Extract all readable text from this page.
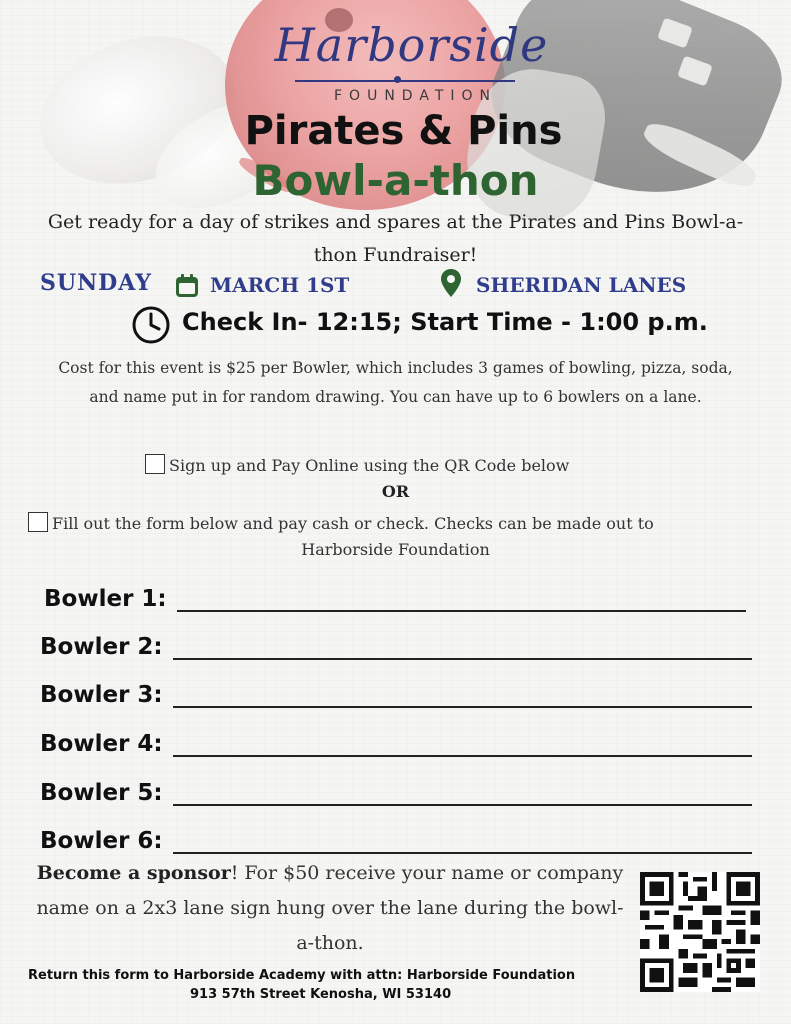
Harborside
FOUNDATION
Pirates & Pins
Bowl-a-thon
Get ready for a day of strikes and spares at the Pirates and Pins Bowl-a-thon Fundraiser!
SUNDAY	MARCH 1ST	SHERIDAN LANES
Check In- 12:15; Start Time - 1:00 p.m.
Cost for this event is $25 per Bowler, which includes 3 games of bowling, pizza, soda, and name put in for random drawing. You can have up to 6 bowlers on a lane.
Sign up and Pay Online using the QR Code below
OR
Fill out the form below and pay cash or check. Checks can be made out to
Harborside Foundation
Bowler 1:
Bowler 2:
Bowler 3:
Bowler 4:
Bowler 5:
Bowler 6:
Become a sponsor! For $50 receive your name or company name on a 2x3 lane sign hung over the lane during the bowl-a-thon.
Return this form to Harborside Academy with attn: Harborside Foundation
913 57th Street Kenosha, WI 53140
